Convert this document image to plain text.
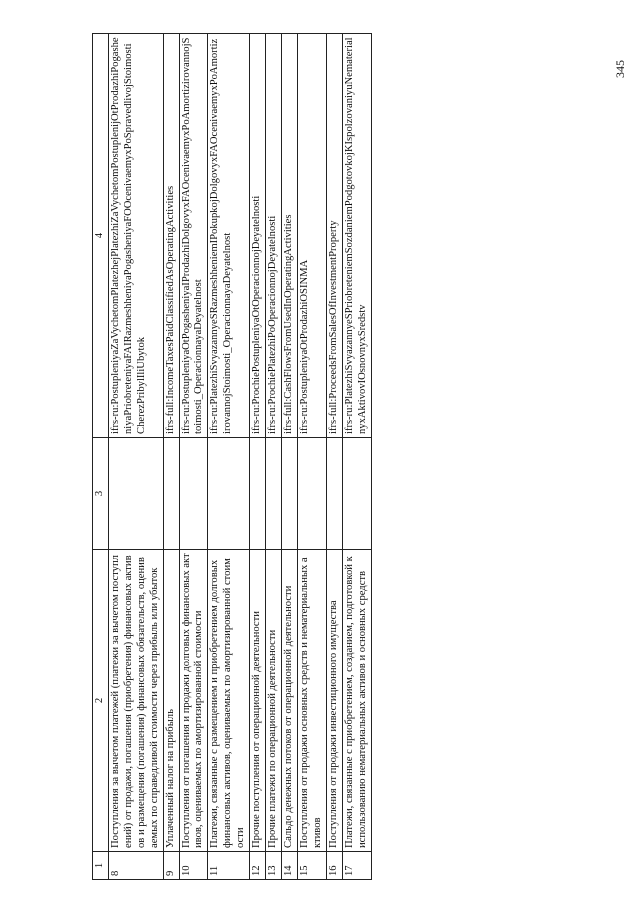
345
1	2	3	4
8	Поступления за вычетом платежей (платежи за вычетом поступлений) от продажи, погашения (приобретения) финансовых активов и размещения (погашения) финансовых обязательств, оцениваемых по справедливой стоимости через прибыль или убыток		ifrs-ru:PostupleniyaZaVychetomPlatezhejPlatezhiZaVychetomPostuplenijOtProdazhiPogasheniyaPriobreteniyaFAIRazmeshheniyaPogasheniyaFOOcenivaemyxPoSpravedlivojStoimostiCherezPribylIliUbytok
9	Уплаченный налог на прибыль		ifrs-full:IncomeTaxesPaidClassifiedAsOperatingActivities
10	Поступления от погашения и продажи долговых финансовых активов, оцениваемых по амортизированной стоимости		ifrs-ru:PostupleniyaOtPogasheniyaIProdazhiDolgovyxFAOcenivaemyxPoAmortizirovannojStoimosti_OperacionnayaDeyatelnost
11	Платежи, связанные с размещением и приобретением долговых финансовых активов, оцениваемых по амортизированной стоимости		ifrs-ru:PlatezhiSvyazannyeSRazmeshheniemIPokupkojDolgovyxFAOcenivaemyxPoAmortizirovannojStoimosti_OperacionnayaDeyatelnost
12	Прочие поступления от операционной деятельности		ifrs-ru:ProchiePostupleniyaOtOperacionnojDeyatelnosti
13	Прочие платежи по операционной деятельности		ifrs-ru:ProchiePlatezhiPoOperacionnojDeyatelnosti
14	Сальдо денежных потоков от операционной деятельности		ifrs-full:CashFlowsFromUsedInOperatingActivities
15	Поступления от продажи основных средств и нематериальных активов		ifrs-ru:PostupleniyaOtProdazhiOSINMA
16	Поступления от продажи инвестиционного имущества		ifrs-full:ProceedsFromSalesOfInvestmentProperty
17	Платежи, связанные с приобретением, созданием, подготовкой к использованию нематериальных активов и основных средств		ifrs-ru:PlatezhiSvyazannyeSPriobreteniemSozdaniemPodgotovkojKIspolzovaniyuNematerialnyxAktivovIOsnovnyxSredstv
